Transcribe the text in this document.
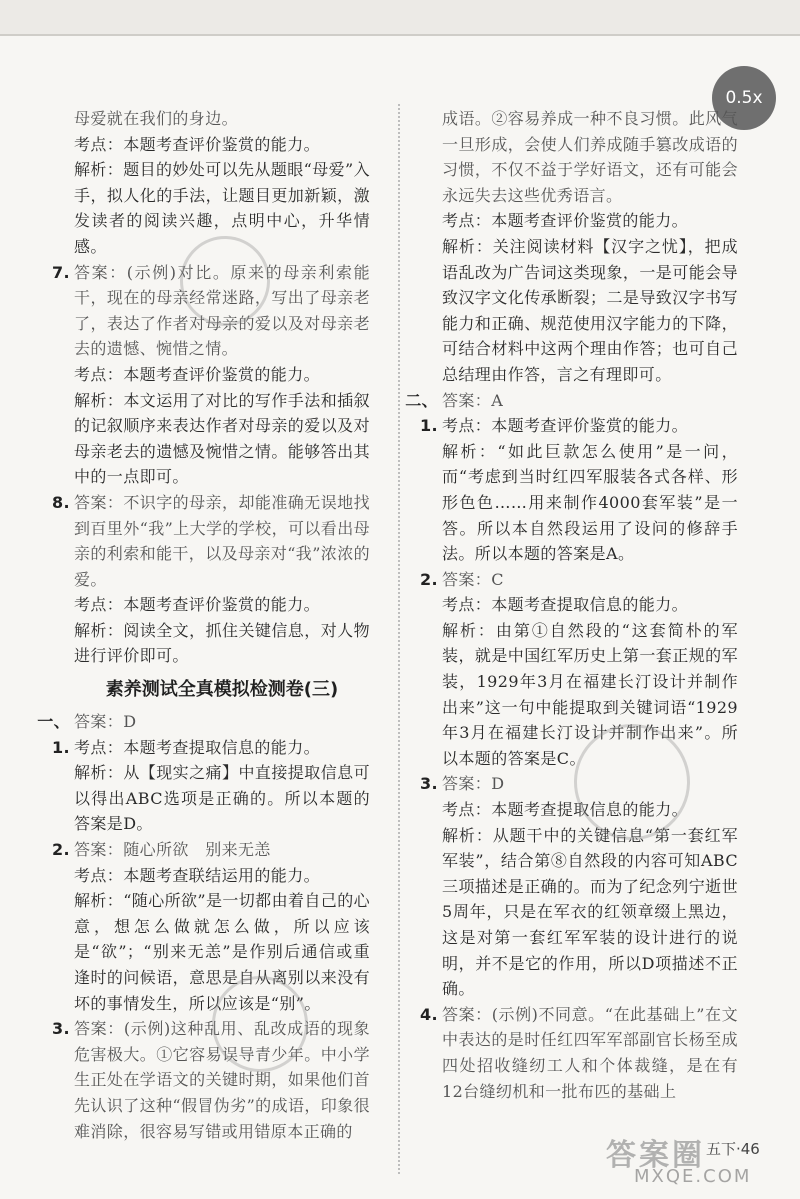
0.5x
母爱就在我们的身边。
考点：本题考查评价鉴赏的能力。
解析：题目的妙处可以先从题眼“母爱”入手，拟人化的手法，让题目更加新颖，激发读者的阅读兴趣，点明中心，升华情感。
7. 答案：(示例)对比。原来的母亲利索能干，现在的母亲经常迷路，写出了母亲老了，表达了作者对母亲的爱以及对母亲老去的遗憾、惋惜之情。
考点：本题考查评价鉴赏的能力。
解析：本文运用了对比的写作手法和插叙的记叙顺序来表达作者对母亲的爱以及对母亲老去的遗憾及惋惜之情。能够答出其中的一点即可。
8. 答案：不识字的母亲，却能准确无误地找到百里外“我”上大学的学校，可以看出母亲的利索和能干，以及母亲对“我”浓浓的爱。
考点：本题考查评价鉴赏的能力。
解析：阅读全文，抓住关键信息，对人物进行评价即可。
素养测试全真模拟检测卷(三)
一、1.
答案：D
考点：本题考查提取信息的能力。
解析：从【现实之痛】中直接提取信息可以得出ABC选项是正确的。所以本题的答案是D。
2. 答案：随心所欲　别来无恙
考点：本题考查联结运用的能力。
解析：“随心所欲”是一切都由着自己的心意，想怎么做就怎么做，所以应该是“欲”；“别来无恙”是作别后通信或重逢时的问候语，意思是自从离别以来没有坏的事情发生，所以应该是“别”。
3. 答案：(示例)这种乱用、乱改成语的现象危害极大。①它容易误导青少年。中小学生正处在学语文的关键时期，如果他们首先认识了这种“假冒伪劣”的成语，印象很难消除，很容易写错或用错原本正确的
成语。②容易养成一种不良习惯。此风气一旦形成，会使人们养成随手篡改成语的习惯，不仅不益于学好语文，还有可能会永远失去这些优秀语言。
考点：本题考查评价鉴赏的能力。
解析：关注阅读材料【汉字之忧】，把成语乱改为广告词这类现象，一是可能会导致汉字文化传承断裂；二是导致汉字书写能力和正确、规范使用汉字能力的下降，可结合材料中这两个理由作答；也可自己总结理由作答，言之有理即可。
二、1.
答案：A
考点：本题考查评价鉴赏的能力。
解析：“如此巨款怎么使用”是一问，而“考虑到当时红四军服装各式各样、形形色色……用来制作4000套军装”是一答。所以本自然段运用了设问的修辞手法。所以本题的答案是A。
2. 答案：C
考点：本题考查提取信息的能力。
解析：由第①自然段的“这套简朴的军装，就是中国红军历史上第一套正规的军装，1929年3月在福建长汀设计并制作出来”这一句中能提取到关键词语“1929年3月在福建长汀设计并制作出来”。所以本题的答案是C。
3. 答案：D
考点：本题考查提取信息的能力。
解析：从题干中的关键信息“第一套红军军装”，结合第⑧自然段的内容可知ABC三项描述是正确的。而为了纪念列宁逝世5周年，只是在军衣的红领章缀上黑边，这是对第一套红军军装的设计进行的说明，并不是它的作用，所以D项描述不正确。
4. 答案：(示例)不同意。“在此基础上”在文中表达的是时任红四军军部副官长杨至成四处招收缝纫工人和个体裁缝，是在有12台缝纫机和一批布匹的基础上
答案圈
MXQE.COM
五下·46
